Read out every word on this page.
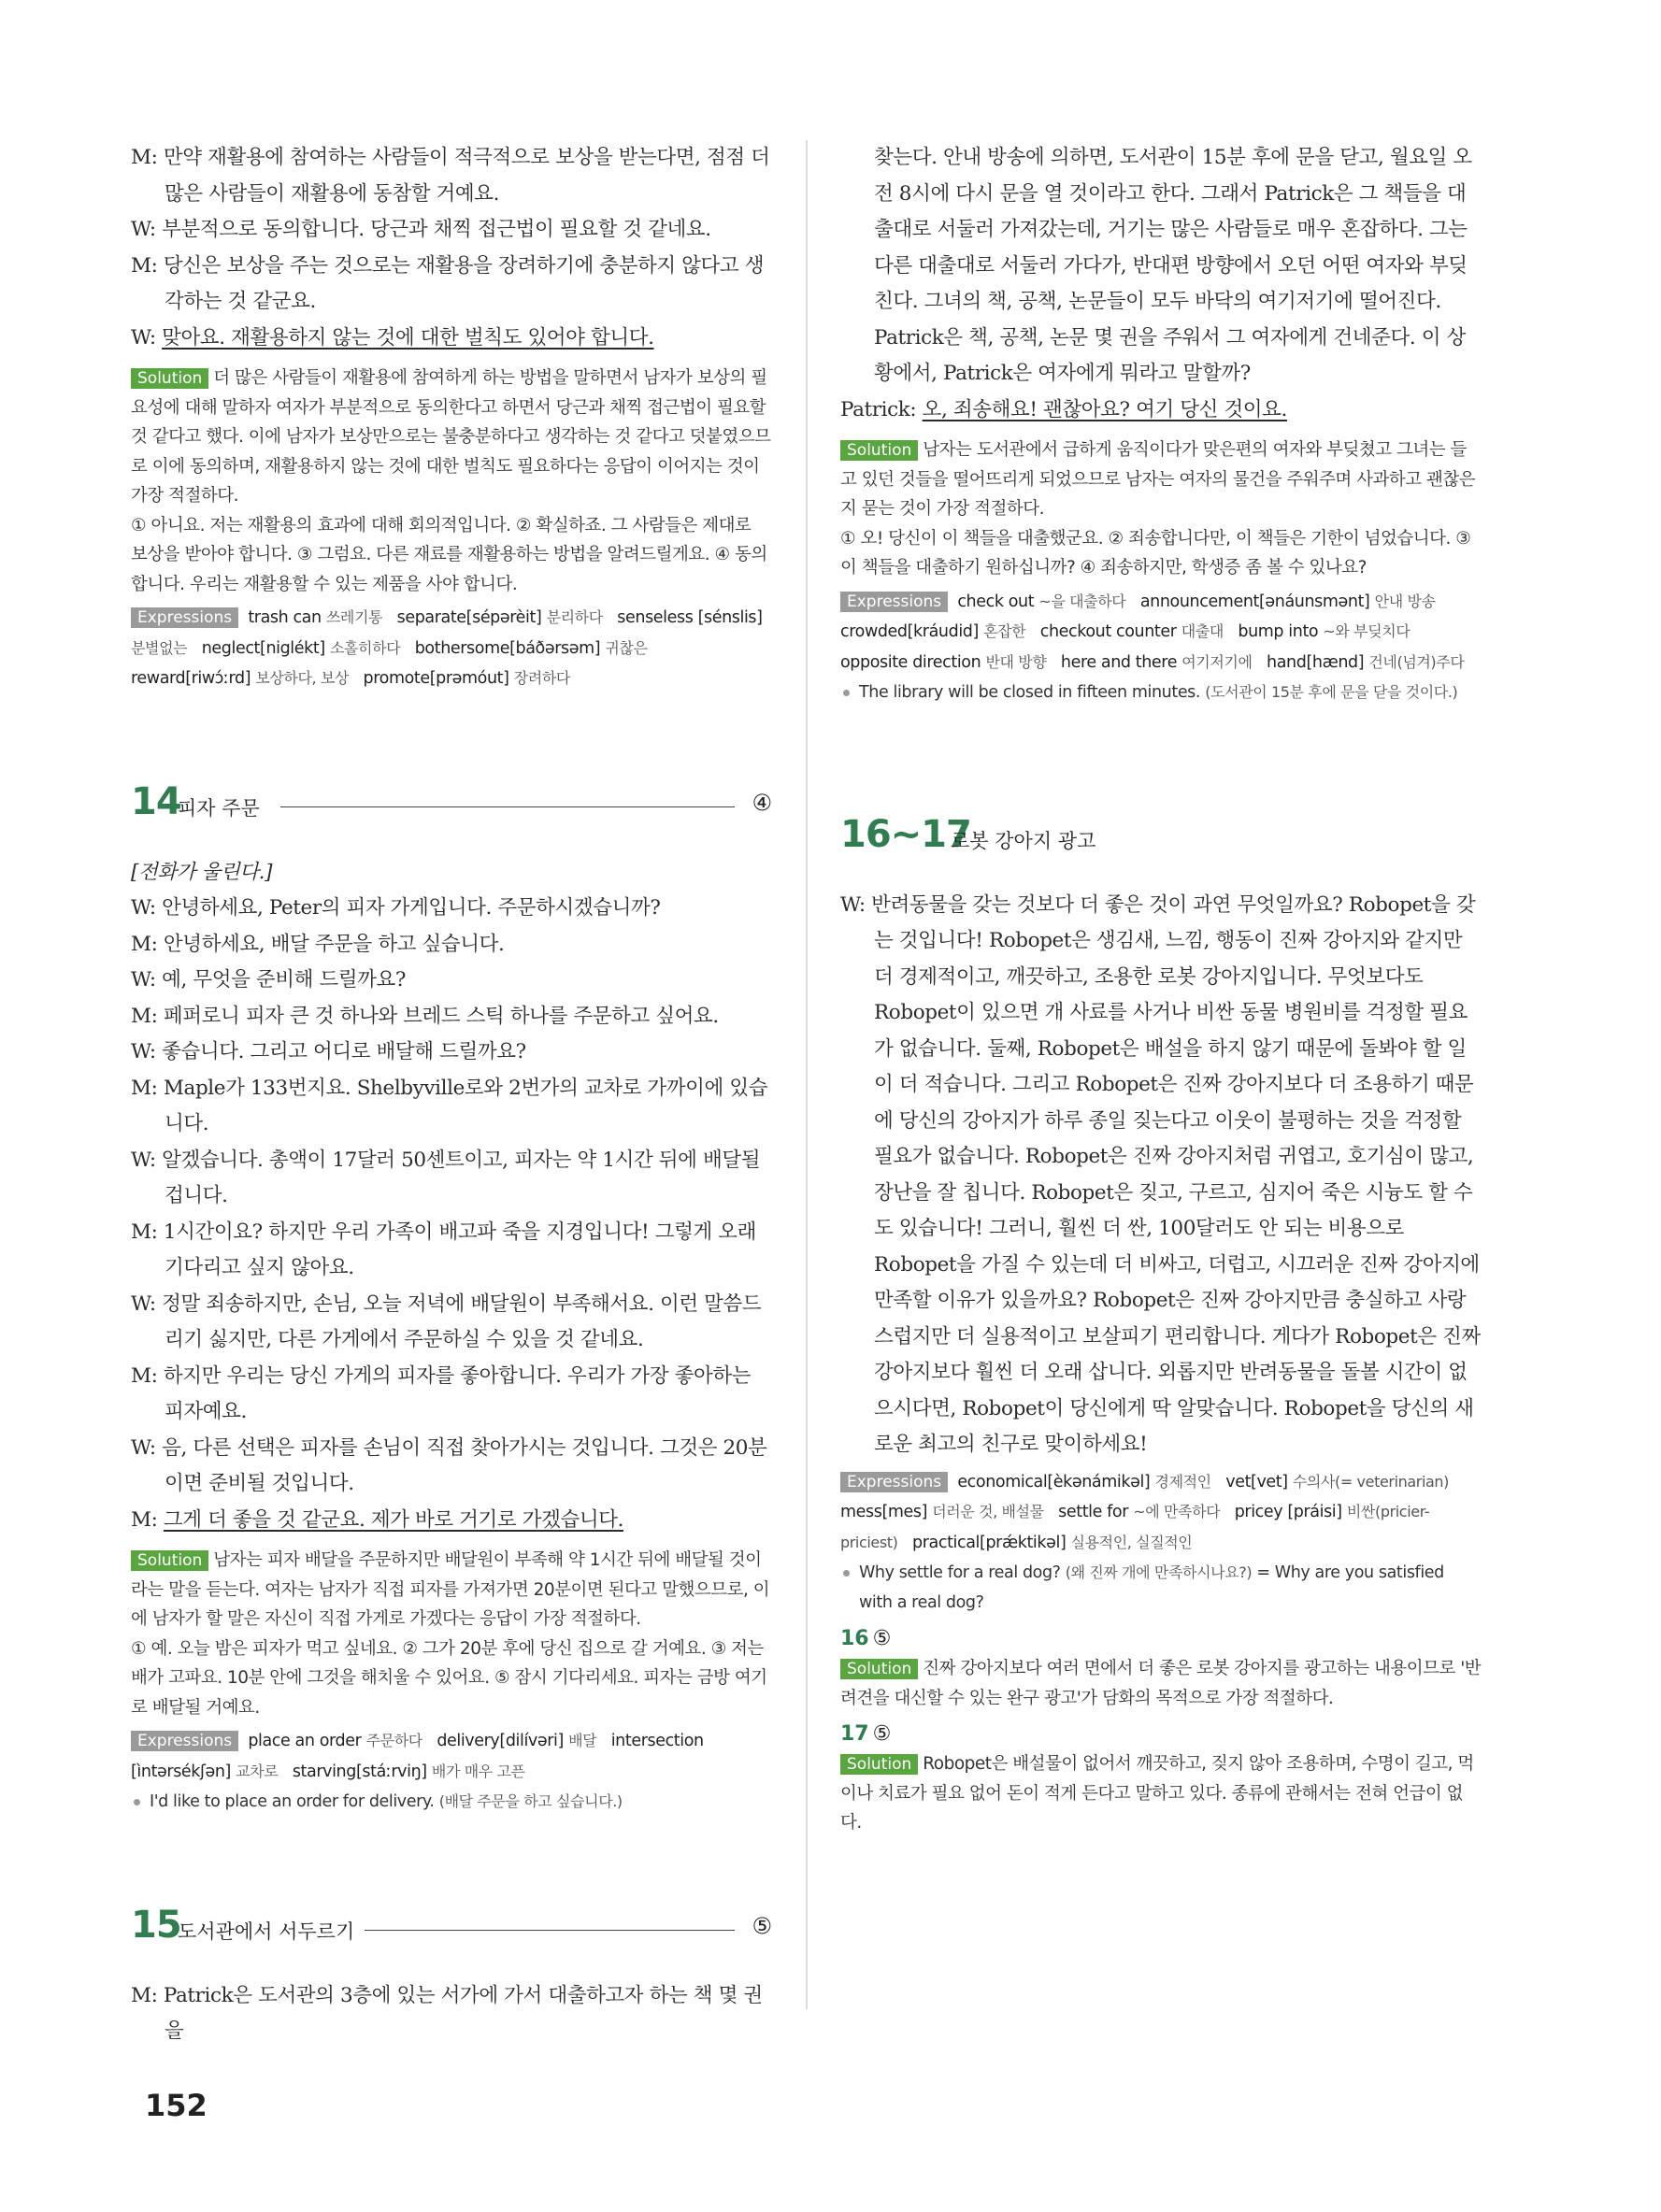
M: 만약 재활용에 참여하는 사람들이 적극적으로 보상을 받는다면, 점점 더 많은 사람들이 재활용에 동참할 거예요.
W: 부분적으로 동의합니다. 당근과 채찍 접근법이 필요할 것 같네요.
M: 당신은 보상을 주는 것으로는 재활용을 장려하기에 충분하지 않다고 생각하는 것 같군요.
W: 맞아요. 재활용하지 않는 것에 대한 벌칙도 있어야 합니다.
Solution 더 많은 사람들이 재활용에 참여하게 하는 방법을 말하면서 남자가 보상의 필요성에 대해 말하자 여자가 부분적으로 동의한다고 하면서 당근과 채찍 접근법이 필요할 것 같다고 했다. 이에 남자가 보상만으로는 불충분하다고 생각하는 것 같다고 덧붙였으므로 이에 동의하며, 재활용하지 않는 것에 대한 벌칙도 필요하다는 응답이 이어지는 것이 가장 적절하다.
① 아니요. 저는 재활용의 효과에 대해 회의적입니다. ② 확실하죠. 그 사람들은 제대로 보상을 받아야 합니다. ③ 그럼요. 다른 재료를 재활용하는 방법을 알려드릴게요. ④ 동의합니다. 우리는 재활용할 수 있는 제품을 사야 합니다.
Expressions trash can 쓰레기통 separate[sépərèit] 분리하다 senseless [sénslis] 분별없는 neglect[niglékt] 소홀히하다 bothersome[báðərsəm] 귀찮은   reward[riwɔ́ːrd] 보상하다, 보상 promote[prəmóut] 장려하다
14
피자 주문	④
[전화가 울린다.]
W: 안녕하세요, Peter의 피자 가게입니다. 주문하시겠습니까?
M: 안녕하세요, 배달 주문을 하고 싶습니다.
W: 예, 무엇을 준비해 드릴까요?
M: 페퍼로니 피자 큰 것 하나와 브레드 스틱 하나를 주문하고 싶어요.
W: 좋습니다. 그리고 어디로 배달해 드릴까요?
M: Maple가 133번지요. Shelbyville로와 2번가의 교차로 가까이에 있습니다.
W: 알겠습니다. 총액이 17달러 50센트이고, 피자는 약 1시간 뒤에 배달될 겁니다.
M: 1시간이요? 하지만 우리 가족이 배고파 죽을 지경입니다! 그렇게 오래 기다리고 싶지 않아요.
W: 정말 죄송하지만, 손님, 오늘 저녁에 배달원이 부족해서요. 이런 말씀드리기 싫지만, 다른 가게에서 주문하실 수 있을 것 같네요.
M: 하지만 우리는 당신 가게의 피자를 좋아합니다. 우리가 가장 좋아하는 피자예요.
W: 음, 다른 선택은 피자를 손님이 직접 찾아가시는 것입니다. 그것은 20분이면 준비될 것입니다.
M: 그게 더 좋을 것 같군요. 제가 바로 거기로 가겠습니다.
Solution 남자는 피자 배달을 주문하지만 배달원이 부족해 약 1시간 뒤에 배달될 것이라는 말을 듣는다. 여자는 남자가 직접 피자를 가져가면 20분이면 된다고 말했으므로, 이에 남자가 할 말은 자신이 직접 가게로 가겠다는 응답이 가장 적절하다.
① 예. 오늘 밤은 피자가 먹고 싶네요. ② 그가 20분 후에 당신 집으로 갈 거예요. ③ 저는 배가 고파요. 10분 안에 그것을 해치울 수 있어요. ⑤ 잠시 기다리세요. 피자는 금방 여기로 배달될 거예요.
Expressions place an order 주문하다 delivery[dilívəri] 배달 intersection [ìntərsékʃən] 교차로 starving[stáːrviŋ] 배가 매우 고픈
I'd like to place an order for delivery. (배달 주문을 하고 싶습니다.)
15
도서관에서 서두르기	⑤
M: Patrick은 도서관의 3층에 있는 서가에 가서 대출하고자 하는 책 몇 권을
찾는다. 안내 방송에 의하면, 도서관이 15분 후에 문을 닫고, 월요일 오전 8시에 다시 문을 열 것이라고 한다. 그래서 Patrick은 그 책들을 대출대로 서둘러 가져갔는데, 거기는 많은 사람들로 매우 혼잡하다. 그는 다른 대출대로 서둘러 가다가, 반대편 방향에서 오던 어떤 여자와 부딪친다. 그녀의 책, 공책, 논문들이 모두 바닥의 여기저기에 떨어진다. Patrick은 책, 공책, 논문 몇 권을 주워서 그 여자에게 건네준다. 이 상황에서, Patrick은 여자에게 뭐라고 말할까?
Patrick: 오, 죄송해요! 괜찮아요? 여기 당신 것이요.
Solution 남자는 도서관에서 급하게 움직이다가 맞은편의 여자와 부딪쳤고 그녀는 들고 있던 것들을 떨어뜨리게 되었으므로 남자는 여자의 물건을 주워주며 사과하고 괜찮은지 묻는 것이 가장 적절하다.
① 오! 당신이 이 책들을 대출했군요. ② 죄송합니다만, 이 책들은 기한이 넘었습니다. ③ 이 책들을 대출하기 원하십니까? ④ 죄송하지만, 학생증 좀 볼 수 있나요?
Expressions check out ~을 대출하다 announcement[ənáunsmənt] 안내 방송   crowded[kráudid] 혼잡한 checkout counter 대출대 bump into ~와 부딪치다   opposite direction 반대 방향 here and there 여기저기에 hand[hænd] 건네(넘겨)주다
The library will be closed in fifteen minutes. (도서관이 15분 후에 문을 닫을 것이다.)
16~17
로봇 강아지 광고
W: 반려동물을 갖는 것보다 더 좋은 것이 과연 무엇일까요? Robopet을 갖는 것입니다! Robopet은 생김새, 느낌, 행동이 진짜 강아지와 같지만 더 경제적이고, 깨끗하고, 조용한 로봇 강아지입니다. 무엇보다도 Robopet이 있으면 개 사료를 사거나 비싼 동물 병원비를 걱정할 필요가 없습니다. 둘째, Robopet은 배설을 하지 않기 때문에 돌봐야 할 일이 더 적습니다. 그리고 Robopet은 진짜 강아지보다 더 조용하기 때문에 당신의 강아지가 하루 종일 짖는다고 이웃이 불평하는 것을 걱정할 필요가 없습니다. Robopet은 진짜 강아지처럼 귀엽고, 호기심이 많고, 장난을 잘 칩니다. Robopet은 짖고, 구르고, 심지어 죽은 시늉도 할 수도 있습니다! 그러니, 훨씬 더 싼, 100달러도 안 되는 비용으로 Robopet을 가질 수 있는데 더 비싸고, 더럽고, 시끄러운 진짜 강아지에 만족할 이유가 있을까요? Robopet은 진짜 강아지만큼 충실하고 사랑스럽지만 더 실용적이고 보살피기 편리합니다. 게다가 Robopet은 진짜 강아지보다 훨씬 더 오래 삽니다. 외롭지만 반려동물을 돌볼 시간이 없으시다면, Robopet이 당신에게 딱 알맞습니다. Robopet을 당신의 새로운 최고의 친구로 맞이하세요!
Expressions economical[èkənámikəl] 경제적인 vet[vet] 수의사(= veterinarian)   mess[mes] 더러운 것, 배설물 settle for ~에 만족하다 pricey [práisi] 비싼(pricier-priciest) practical[prǽktikəl] 실용적인, 실질적인
Why settle for a real dog? (왜 진짜 개에 만족하시나요?) = Why are you satisfied with a real dog?
16 ⑤
Solution 진짜 강아지보다 여러 면에서 더 좋은 로봇 강아지를 광고하는 내용이므로 '반려견을 대신할 수 있는 완구 광고'가 담화의 목적으로 가장 적절하다.
17 ⑤
Solution Robopet은 배설물이 없어서 깨끗하고, 짖지 않아 조용하며, 수명이 길고, 먹이나 치료가 필요 없어 돈이 적게 든다고 말하고 있다. 종류에 관해서는 전혀 언급이 없다.
152
